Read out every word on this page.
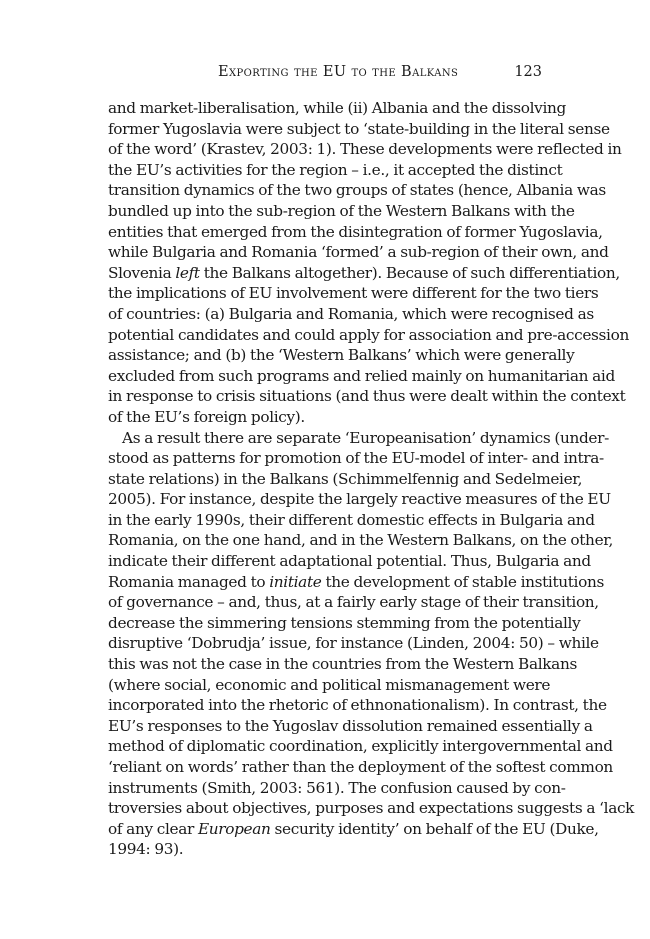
Exporting the EU to the Balkans	123
and market-liberalisation, while (ii) Albania and the dissolving
former Yugoslavia were subject to ‘state-building in the literal sense
of the word’ (Krastev, 2003: 1). These developments were reflected in
the EU’s activities for the region – i.e., it accepted the distinct
transition dynamics of the two groups of states (hence, Albania was
bundled up into the sub-region of the Western Balkans with the
entities that emerged from the disintegration of former Yugoslavia,
while Bulgaria and Romania ‘formed’ a sub-region of their own, and
Slovenia left the Balkans altogether). Because of such differentiation,
the implications of EU involvement were different for the two tiers
of countries: (a) Bulgaria and Romania, which were recognised as
potential candidates and could apply for association and pre-accession
assistance; and (b) the ‘Western Balkans’ which were generally
excluded from such programs and relied mainly on humanitarian aid
in response to crisis situations (and thus were dealt within the context
of the EU’s foreign policy).
As a result there are separate ‘Europeanisation’ dynamics (under-
stood as patterns for promotion of the EU-model of inter- and intra-
state relations) in the Balkans (Schimmelfennig and Sedelmeier,
2005). For instance, despite the largely reactive measures of the EU
in the early 1990s, their different domestic effects in Bulgaria and
Romania, on the one hand, and in the Western Balkans, on the other,
indicate their different adaptational potential. Thus, Bulgaria and
Romania managed to initiate the development of stable institutions
of governance – and, thus, at a fairly early stage of their transition,
decrease the simmering tensions stemming from the potentially
disruptive ‘Dobrudja’ issue, for instance (Linden, 2004: 50) – while
this was not the case in the countries from the Western Balkans
(where social, economic and political mismanagement were
incorporated into the rhetoric of ethnonationalism). In contrast, the
EU’s responses to the Yugoslav dissolution remained essentially a
method of diplomatic coordination, explicitly intergovernmental and
‘reliant on words’ rather than the deployment of the softest common
instruments (Smith, 2003: 561). The confusion caused by con-
troversies about objectives, purposes and expectations suggests a ‘lack
of any clear European security identity’ on behalf of the EU (Duke,
1994: 93).
